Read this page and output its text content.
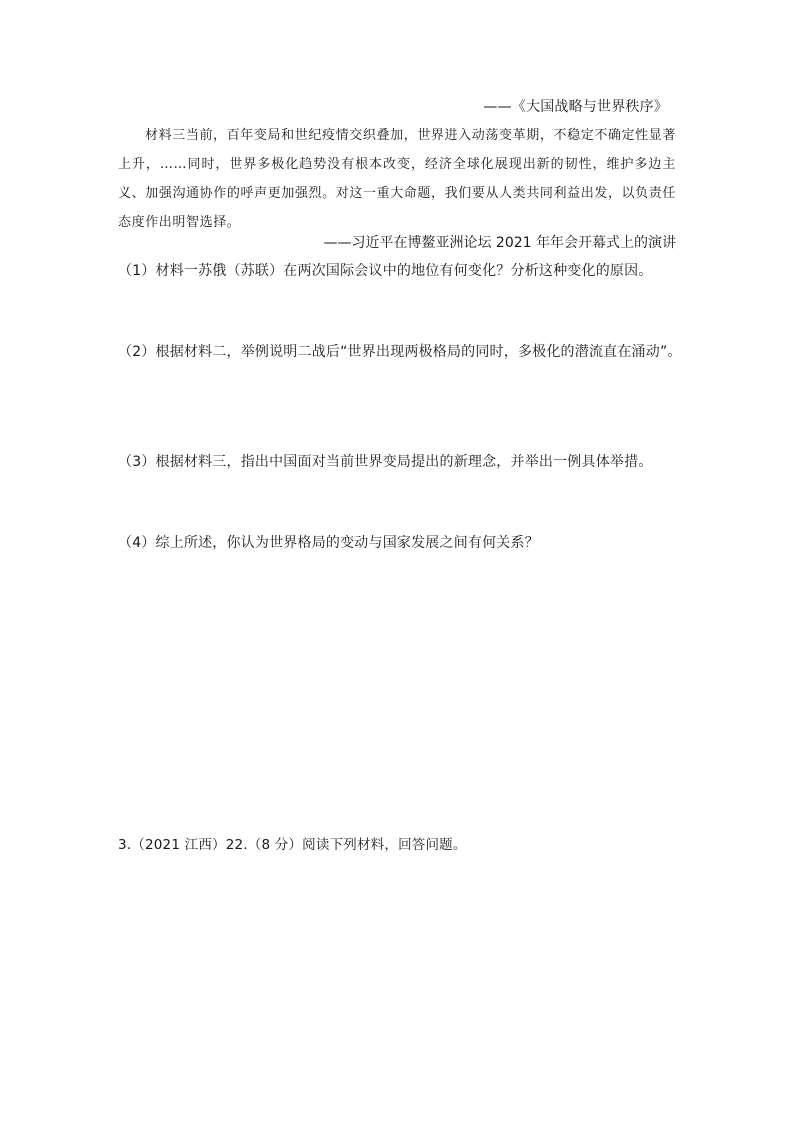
——《大国战略与世界秩序》
材料三当前，百年变局和世纪疫情交织叠加，世界进入动荡变革期，不稳定不确定性显著上升，……同时，世界多极化趋势没有根本改变，经济全球化展现出新的韧性，维护多边主义、加强沟通协作的呼声更加强烈。对这一重大命题，我们要从人类共同利益出发，以负责任态度作出明智选择。
——习近平在博鳌亚洲论坛 2021 年年会开幕式上的演讲
（1）材料一苏俄（苏联）在两次国际会议中的地位有何变化？分析这种变化的原因。
（2）根据材料二，举例说明二战后“世界出现两极格局的同时，多极化的潜流直在涌动”。
（3）根据材料三，指出中国面对当前世界变局提出的新理念，并举出一例具体举措。
（4）综上所述，你认为世界格局的变动与国家发展之间有何关系？
3.（2021 江西）22.（8 分）阅读下列材料，回答问题。
